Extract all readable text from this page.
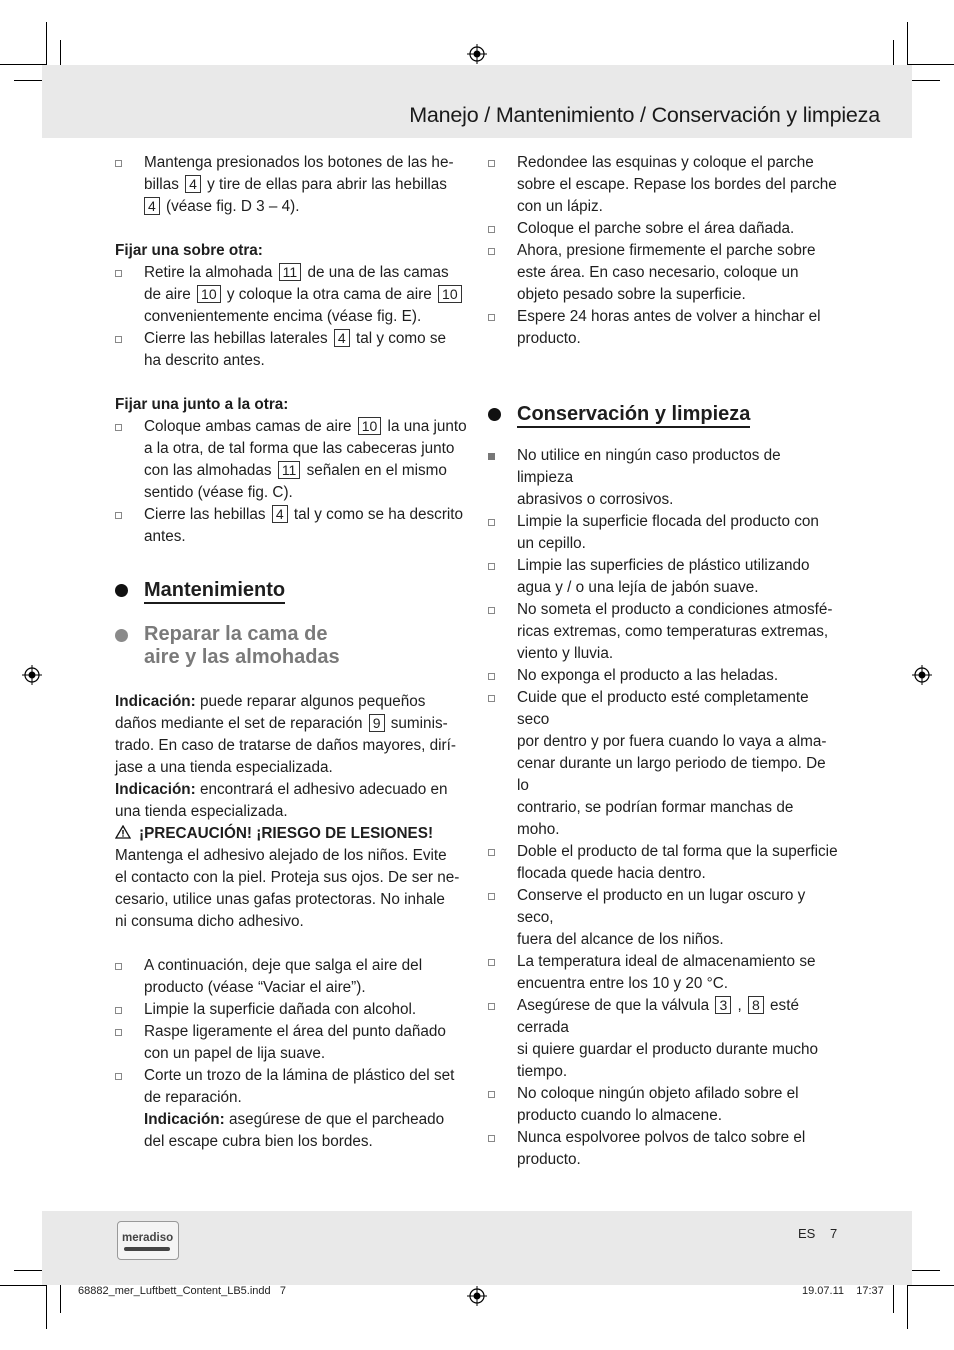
Manejo / Mantenimiento / Conservación y limpieza
Mantenga presionados los botones de las he-
billas 4 y tire de ellas para abrir las hebillas
4 (véase fig. D 3 – 4).

Fijar una sobre otra:

Retire la almohada 11 de una de las camas
de aire 10 y coloque la otra cama de aire 10
convenientemente encima (véase fig. E).
Cierre las hebillas laterales 4 tal y como se
ha descrito antes.

Fijar una junto a la otra:

Coloque ambas camas de aire 10 la una junto
a la otra, de tal forma que las cabeceras junto
con las almohadas 11 señalen en el mismo
sentido (véase fig. C).
Cierre las hebillas 4 tal y como se ha descrito
antes.
Mantenimiento
Reparar la cama de
aire y las almohadas

Indicación: puede reparar algunos pequeños
daños mediante el set de reparación 9 suminis-
trado. En caso de tratarse de daños mayores, dirí-
jase a una tienda especializada.

Indicación: encontrará el adhesivo adecuado en
una tienda especializada.

¡PRECAUCIÓN! ¡RIESGO DE LESIONES!

Mantenga el adhesivo alejado de los niños. Evite
el contacto con la piel. Proteja sus ojos. De ser ne-
cesario, utilice unas gafas protectoras. No inhale
ni consuma dicho adhesivo.

A continuación, deje que salga el aire del
producto (véase “Vaciar el aire”).
Limpie la superficie dañada con alcohol.
Raspe ligeramente el área del punto dañado
con un papel de lija suave.
Corte un trozo de la lámina de plástico del set
de reparación.
Indicación: asegúrese de que el parcheado
del escape cubra bien los bordes.
Redondee las esquinas y coloque el parche
sobre el escape. Repase los bordes del parche
con un lápiz.
Coloque el parche sobre el área dañada.
Ahora, presione firmemente el parche sobre
este área. En caso necesario, coloque un
objeto pesado sobre la superficie.
Espere 24 horas antes de volver a hinchar el
producto.
Conservación y limpieza
No utilice en ningún caso productos de limpieza
abrasivos o corrosivos.
Limpie la superficie flocada del producto con
un cepillo.
Limpie las superficies de plástico utilizando
agua y / o una lejía de jabón suave.
No someta el producto a condiciones atmosfé-
ricas extremas, como temperaturas extremas,
viento y lluvia.
No exponga el producto a las heladas.
Cuide que el producto esté completamente seco
por dentro y por fuera cuando lo vaya a alma-
cenar durante un largo periodo de tiempo. De lo
contrario, se podrían formar manchas de moho.
Doble el producto de tal forma que la superficie
flocada quede hacia dentro.
Conserve el producto en un lugar oscuro y seco,
fuera del alcance de los niños.
La temperatura ideal de almacenamiento se
encuentra entre los 10 y 20 °C.
Asegúrese de que la válvula 3 , 8 esté cerrada
si quiere guardar el producto durante mucho
tiempo.
No coloque ningún objeto afilado sobre el
producto cuando lo almacene.
Nunca espolvoree polvos de talco sobre el
producto.
meradiso	ES 7
68882_mer_Luftbett_Content_LB5.indd   7	19.07.11    17:37
